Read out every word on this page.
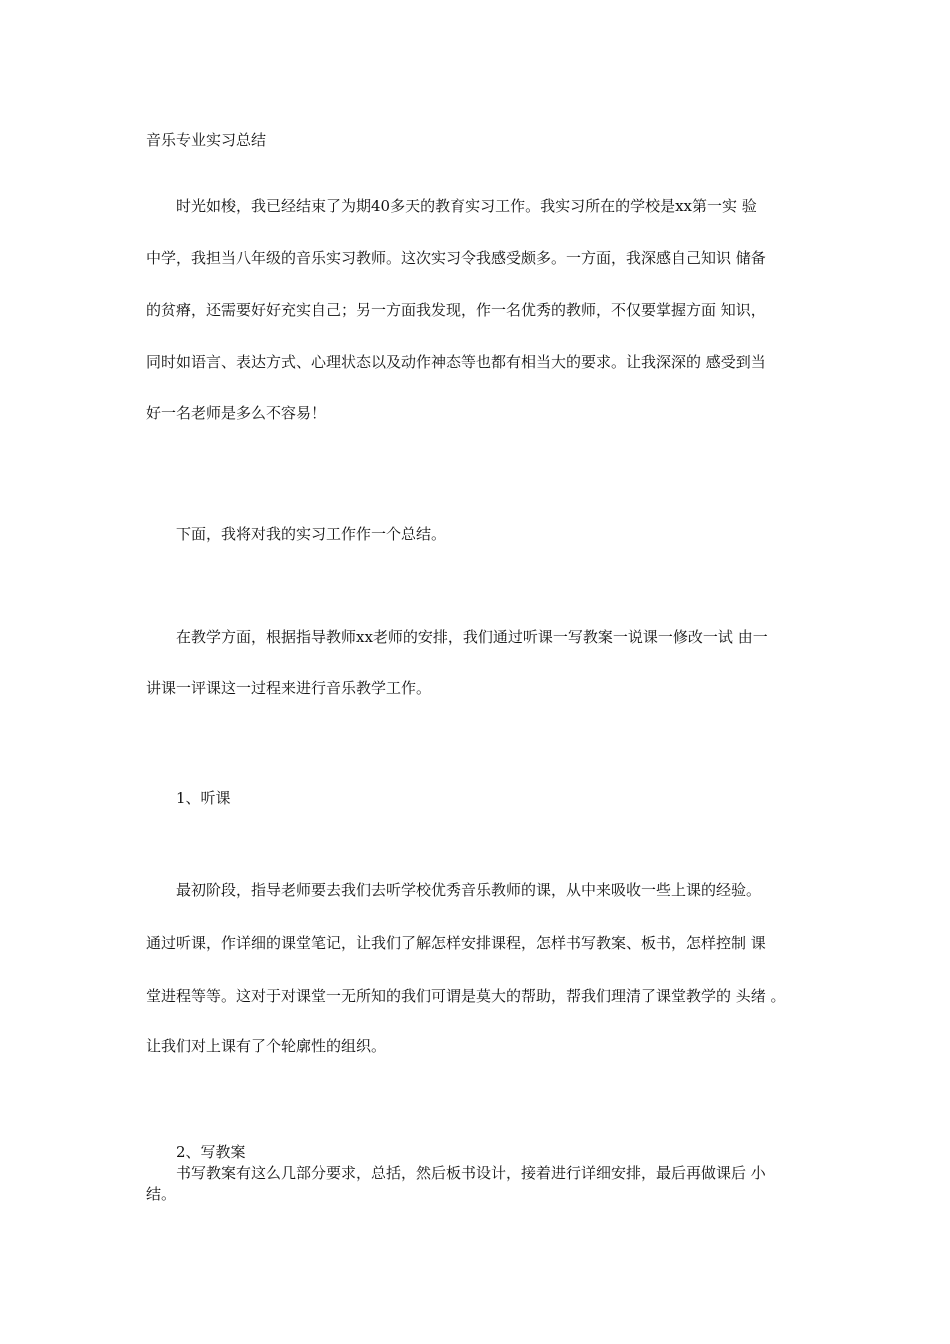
音乐专业实习总结
时光如梭，我已经结束了为期40多天的教育实习工作。我实习所在的学校是xx第一实 验
中学，我担当八年级的音乐实习教师。这次实习令我感受颇多。一方面，我深感自己知识 储备
的贫瘠，还需要好好充实自己；另一方面我发现，作一名优秀的教师，不仅要掌握方面 知识，
同时如语言、表达方式、心理状态以及动作神态等也都有相当大的要求。让我深深的 感受到当
好一名老师是多么不容易！
下面，我将对我的实习工作作一个总结。
在教学方面，根据指导教师xx老师的安排，我们通过听课一写教案一说课一修改一试 由一
讲课一评课这一过程来进行音乐教学工作。
1、听课
最初阶段，指导老师要去我们去听学校优秀音乐教师的课，从中来吸收一些上课的经验。
通过听课，作详细的课堂笔记，让我们了解怎样安排课程，怎样书写教案、板书，怎样控制 课
堂进程等等。这对于对课堂一无所知的我们可谓是莫大的帮助，帮我们理清了课堂教学的 头绪 。
让我们对上课有了个轮廓性的组织。
2、写教案
书写教案有这么几部分要求，总括，然后板书设计，接着进行详细安排，最后再做课后 小
结。
